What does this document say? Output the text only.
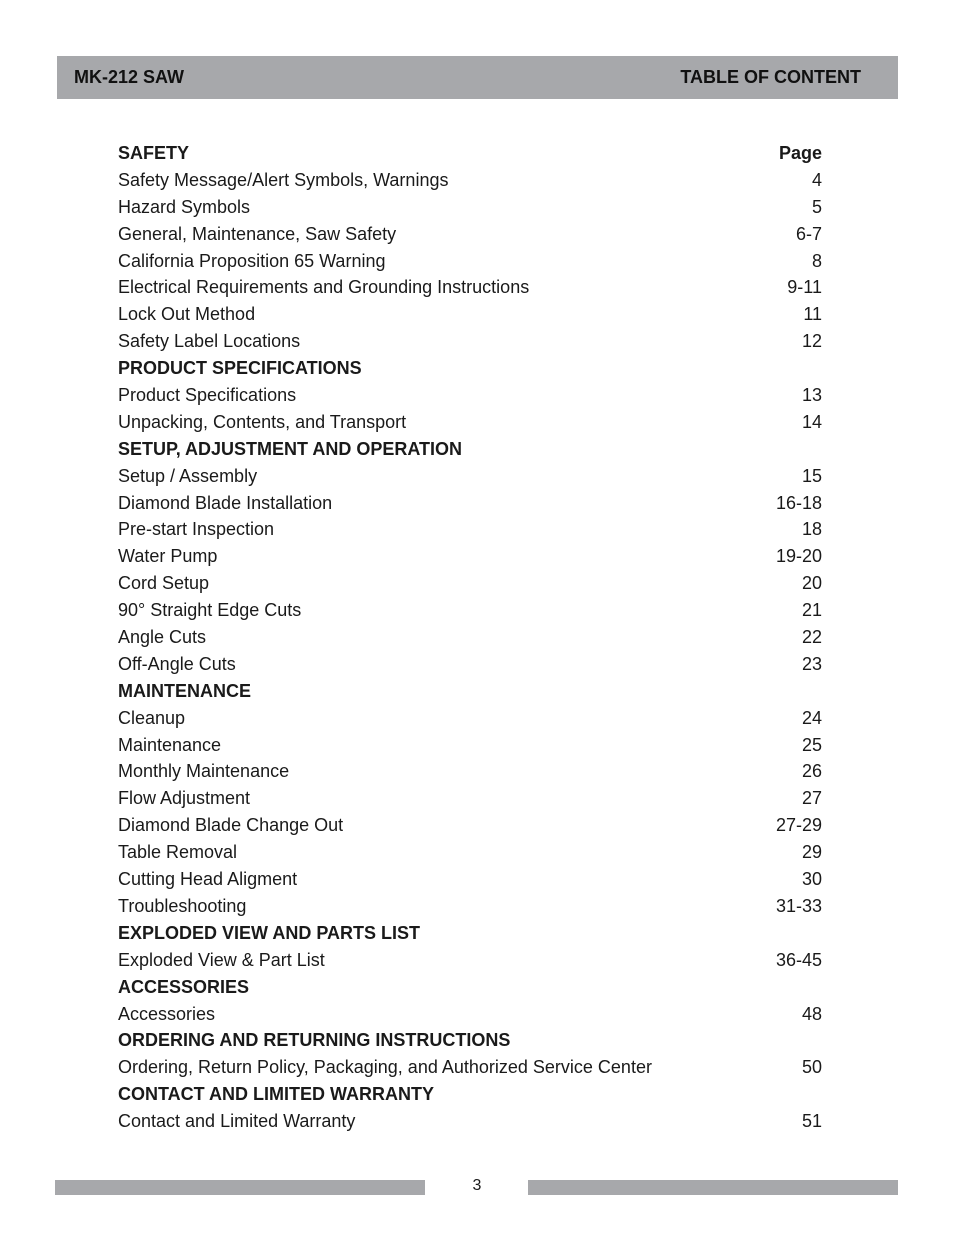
MK-212 SAW	TABLE OF CONTENT
SAFETY	Page
Safety Message/Alert Symbols, Warnings	4
Hazard Symbols	5
General, Maintenance, Saw Safety	6-7
California Proposition 65 Warning	8
Electrical Requirements and Grounding Instructions	9-11
Lock Out Method	11
Safety Label Locations	12
PRODUCT SPECIFICATIONS
Product Specifications	13
Unpacking, Contents, and Transport	14
SETUP, ADJUSTMENT AND OPERATION
Setup / Assembly	15
Diamond Blade Installation	16-18
Pre-start Inspection	18
Water Pump	19-20
Cord Setup	20
90° Straight Edge Cuts	21
Angle Cuts	22
Off-Angle Cuts	23
MAINTENANCE
Cleanup	24
Maintenance	25
Monthly Maintenance	26
Flow Adjustment	27
Diamond Blade Change Out	27-29
Table Removal	29
Cutting Head Aligment	30
Troubleshooting	31-33
EXPLODED VIEW AND PARTS LIST
Exploded View & Part List	36-45
ACCESSORIES
Accessories	48
ORDERING AND RETURNING INSTRUCTIONS
Ordering, Return Policy, Packaging, and Authorized Service Center	50
CONTACT AND LIMITED WARRANTY
Contact and Limited Warranty	51
3
